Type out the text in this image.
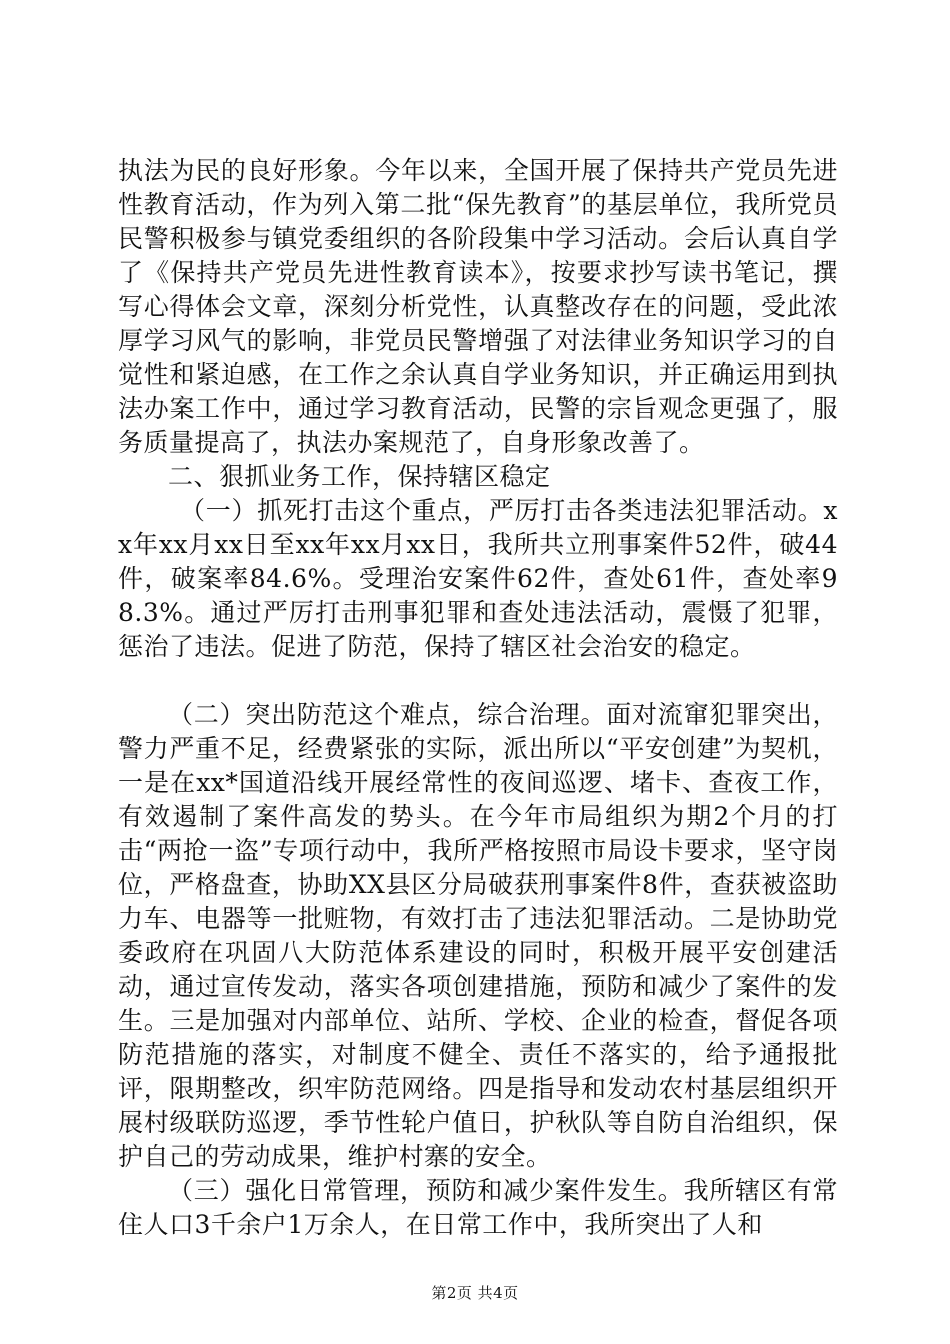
执法为民的良好形象。今年以来，全国开展了保持共产党员先进性教育活动，作为列入第二批“保先教育”的基层单位，我所党员民警积极参与镇党委组织的各阶段集中学习活动。会后认真自学了《保持共产党员先进性教育读本》，按要求抄写读书笔记，撰写心得体会文章，深刻分析党性，认真整改存在的问题，受此浓厚学习风气的影响，非党员民警增强了对法律业务知识学习的自觉性和紧迫感，在工作之余认真自学业务知识，并正确运用到执法办案工作中，通过学习教育活动，民警的宗旨观念更强了，服务质量提高了，执法办案规范了，自身形象改善了。

二、狠抓业务工作，保持辖区稳定

（一）抓死打击这个重点，严厉打击各类违法犯罪活动。xx年xx月xx日至xx年xx月xx日，我所共立刑事案件52件，破44件，破案率84.6%。受理治安案件62件，查处61件，查处率98.3%。通过严厉打击刑事犯罪和查处违法活动，震慑了犯罪，惩治了违法。促进了防范，保持了辖区社会治安的稳定。

（二）突出防范这个难点，综合治理。面对流窜犯罪突出，警力严重不足，经费紧张的实际，派出所以“平安创建”为契机，一是在xx*国道沿线开展经常性的夜间巡逻、堵卡、查夜工作，有效遏制了案件高发的势头。在今年市局组织为期2个月的打击“两抢一盗”专项行动中，我所严格按照市局设卡要求，坚守岗位，严格盘查，协助XX县区分局破获刑事案件8件，查获被盗助力车、电器等一批赃物，有效打击了违法犯罪活动。二是协助党委政府在巩固八大防范体系建设的同时，积极开展平安创建活动，通过宣传发动，落实各项创建措施，预防和减少了案件的发生。三是加强对内部单位、站所、学校、企业的检查，督促各项防范措施的落实，对制度不健全、责任不落实的，给予通报批评，限期整改，织牢防范网络。四是指导和发动农村基层组织开展村级联防巡逻，季节性轮户值日，护秋队等自防自治组织，保护自己的劳动成果，维护村寨的安全。

（三）强化日常管理，预防和减少案件发生。我所辖区有常住人口3千余户1万余人，在日常工作中，我所突出了人和

第2页 共4页
